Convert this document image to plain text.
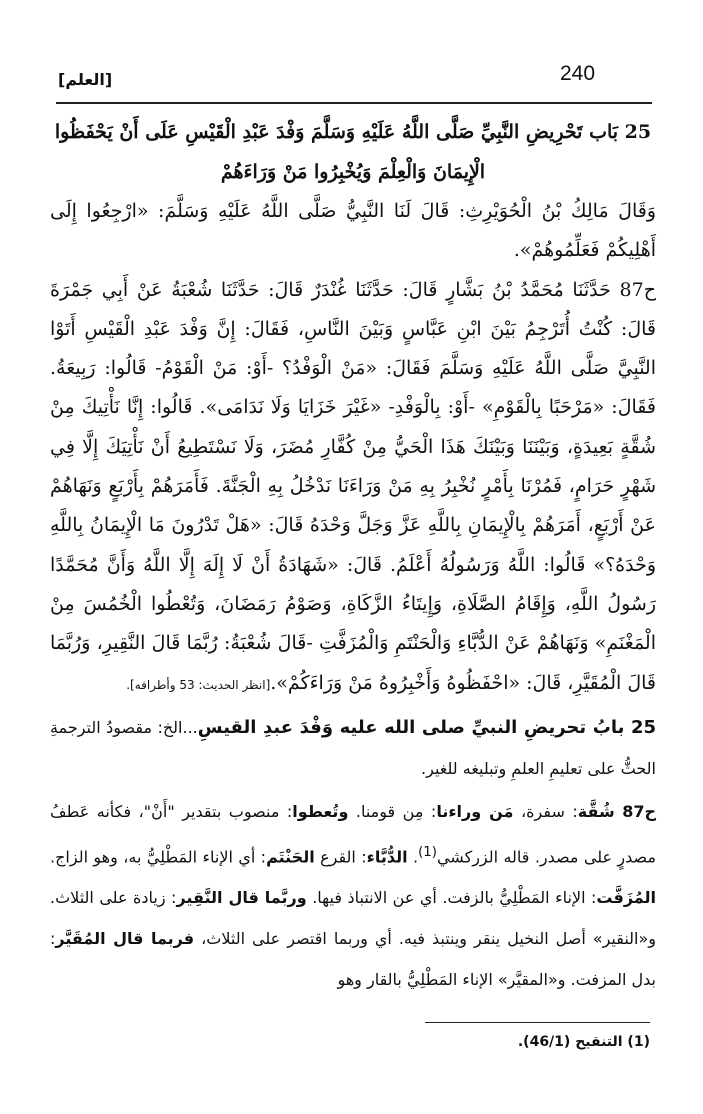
240
[العلم]

25 بَاب تَحْرِيضِ النَّبِيِّ صَلَّى اللَّهُ عَلَيْهِ وَسَلَّمَ وَفْدَ عَبْدِ الْقَيْسِ عَلَى أَنْ يَحْفَظُوا الْإِيمَانَ وَالْعِلْمَ وَيُخْبِرُوا مَنْ وَرَاءَهُمْ

وَقَالَ مَالِكُ بْنُ الْحُوَيْرِثِ: قَالَ لَنَا النَّبِيُّ صَلَّى اللَّهُ عَلَيْهِ وَسَلَّمَ: «ارْجِعُوا إِلَى أَهْلِيكُمْ فَعَلِّمُوهُمْ».

ح87 حَدَّثَنَا مُحَمَّدُ بْنُ بَشَّارٍ قَالَ: حَدَّثَنَا غُنْدَرٌ قَالَ: حَدَّثَنَا شُعْبَةُ عَنْ أَبِي جَمْرَةَ قَالَ: كُنْتُ أُتَرْجِمُ بَيْنَ ابْنِ عَبَّاسٍ وَبَيْنَ النَّاسِ، فَقَالَ: إِنَّ وَفْدَ عَبْدِ الْقَيْسِ أَتَوْا النَّبِيَّ صَلَّى اللَّهُ عَلَيْهِ وَسَلَّمَ فَقَالَ: «مَنْ الْوَفْدُ؟ -أَوْ: مَنْ الْقَوْمُ- قَالُوا: رَبِيعَةُ. فَقَالَ: «مَرْحَبًا بِالْقَوْمِ» -أَوْ: بِالْوَفْدِ- «غَيْرَ خَزَايَا وَلَا نَدَامَى». قَالُوا: إِنَّا نَأْتِيكَ مِنْ شُقَّةٍ بَعِيدَةٍ، وَبَيْنَنَا وَبَيْنَكَ هَذَا الْحَيُّ مِنْ كُفَّارِ مُضَرَ، وَلَا نَسْتَطِيعُ أَنْ نَأْتِيَكَ إِلَّا فِي شَهْرٍ حَرَامٍ، فَمُرْنَا بِأَمْرٍ نُخْبِرُ بِهِ مَنْ وَرَاءَنَا نَدْخُلُ بِهِ الْجَنَّةَ. فَأَمَرَهُمْ بِأَرْبَعٍ وَنَهَاهُمْ عَنْ أَرْبَعٍ، أَمَرَهُمْ بِالْإِيمَانِ بِاللَّهِ عَزَّ وَجَلَّ وَحْدَهُ قَالَ: «هَلْ تَدْرُونَ مَا الْإِيمَانُ بِاللَّهِ وَحْدَهُ؟» قَالُوا: اللَّهُ وَرَسُولُهُ أَعْلَمُ. قَالَ: «شَهَادَةُ أَنْ لَا إِلَهَ إِلَّا اللَّهُ وَأَنَّ مُحَمَّدًا رَسُولُ اللَّهِ، وَإِقَامُ الصَّلَاةِ، وَإِيتَاءُ الزَّكَاةِ، وَصَوْمُ رَمَضَانَ، وَتُعْطُوا الْخُمُسَ مِنْ الْمَغْنَمِ» وَنَهَاهُمْ عَنْ الدُّبَّاءِ وَالْحَنْتَمِ وَالْمُزَفَّتِ -قَالَ شُعْبَةُ: رُبَّمَا قَالَ النَّقِيرِ، وَرُبَّمَا قَالَ الْمُقَيَّرِ، قَالَ: «احْفَظُوهُ وَأَخْبِرُوهُ مَنْ وَرَاءَكُمْ».[انظر الحديث: 53 وأطرافه].

25 بابُ تحريضِ النبيِّ صلى الله عليه وَفْدَ عبدِ القيسِ...الخ: مقصودُ الترجمةِ الحثُّ على تعليمِ العلمِ وتبليغه للغير.

ح87 شُقَّة: سفرة، مَن وراءنا: مِن قومنا. وتُعطوا: منصوب بتقدير "أَنْ"، فكأنه عَطفُ مصدرٍ على مصدر. قاله الزركشي$^{(1)}$. الدُّبَّاء: القرع الحَنْتَم: أي الإناء المَطْلِيُّ به، وهو الزاج. المُزَفَّت: الإناء المَطْلِيُّ بالزفت. أي عن الانتباذ فيها. وربَّما قال النَّقِير: زيادة على الثلاث. و«النقير» أصل النخيل ينقر وينتبذ فيه. أي وربما اقتصر على الثلاث، فربما قال المُقَيَّر: بدل المزفت. و«المقيَّر» الإناء المَطْلِيُّ بالقار وهو

(1) التنقيح (46/1).
